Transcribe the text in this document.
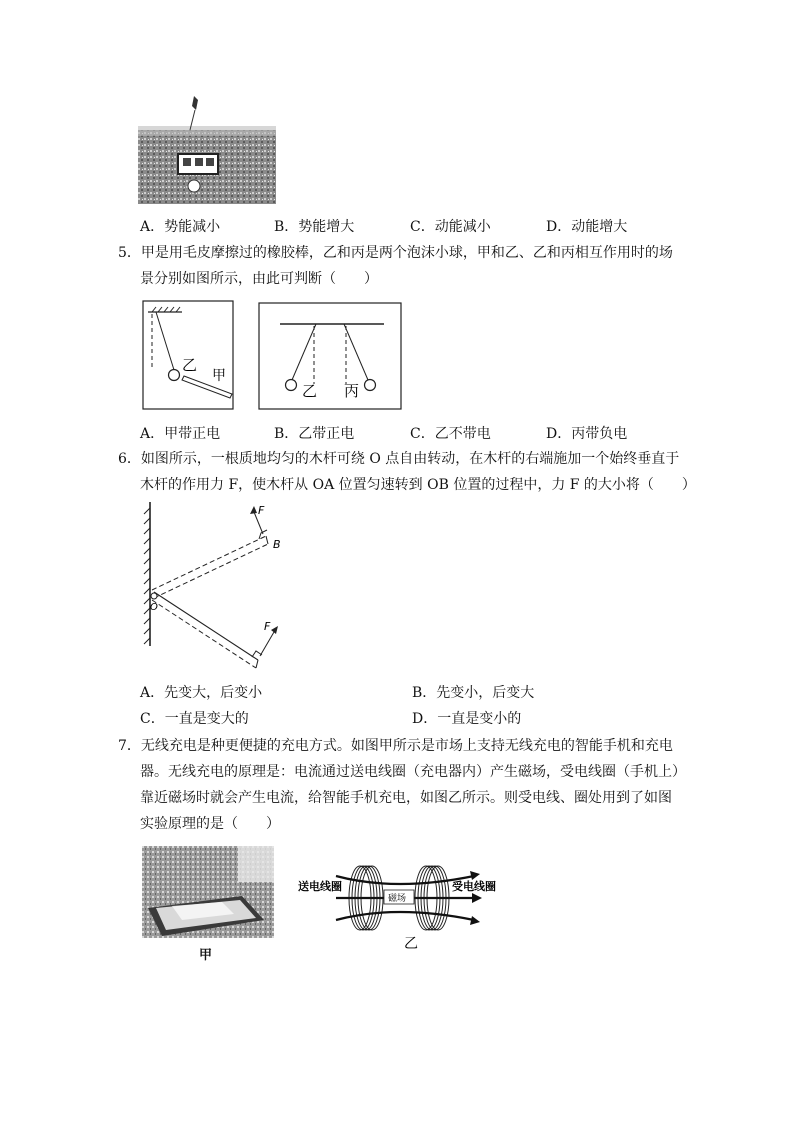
A．势能减小	B．势能增大	C．动能减小	D．动能增大
5．甲是用毛皮摩擦过的橡胶棒，乙和丙是两个泡沫小球，甲和乙、乙和丙相互作用时的场
景分别如图所示，由此可判断（　　）
乙
甲
乙 丙
A．甲带正电	B．乙带正电	C．乙不带电	D．丙带负电
6．如图所示，一根质地均匀的木杆可绕 O 点自由转动，在木杆的右端施加一个始终垂直于
木杆的作用力 F，使木杆从 OA 位置匀速转到 OB 位置的过程中，力 F 的大小将（　　）
F
B
F
O
A．先变大，后变小	B．先变小，后变大
C．一直是变大的	D．一直是变小的
7．无线充电是种更便捷的充电方式。如图甲所示是市场上支持无线充电的智能手机和充电
器。无线充电的原理是：电流通过送电线圈（充电器内）产生磁场，受电线圈（手机上）
靠近磁场时就会产生电流，给智能手机充电，如图乙所示。则受电线、圈处用到了如图
实验原理的是（　　）
甲
磁场
送电线圈	受电线圈
乙
